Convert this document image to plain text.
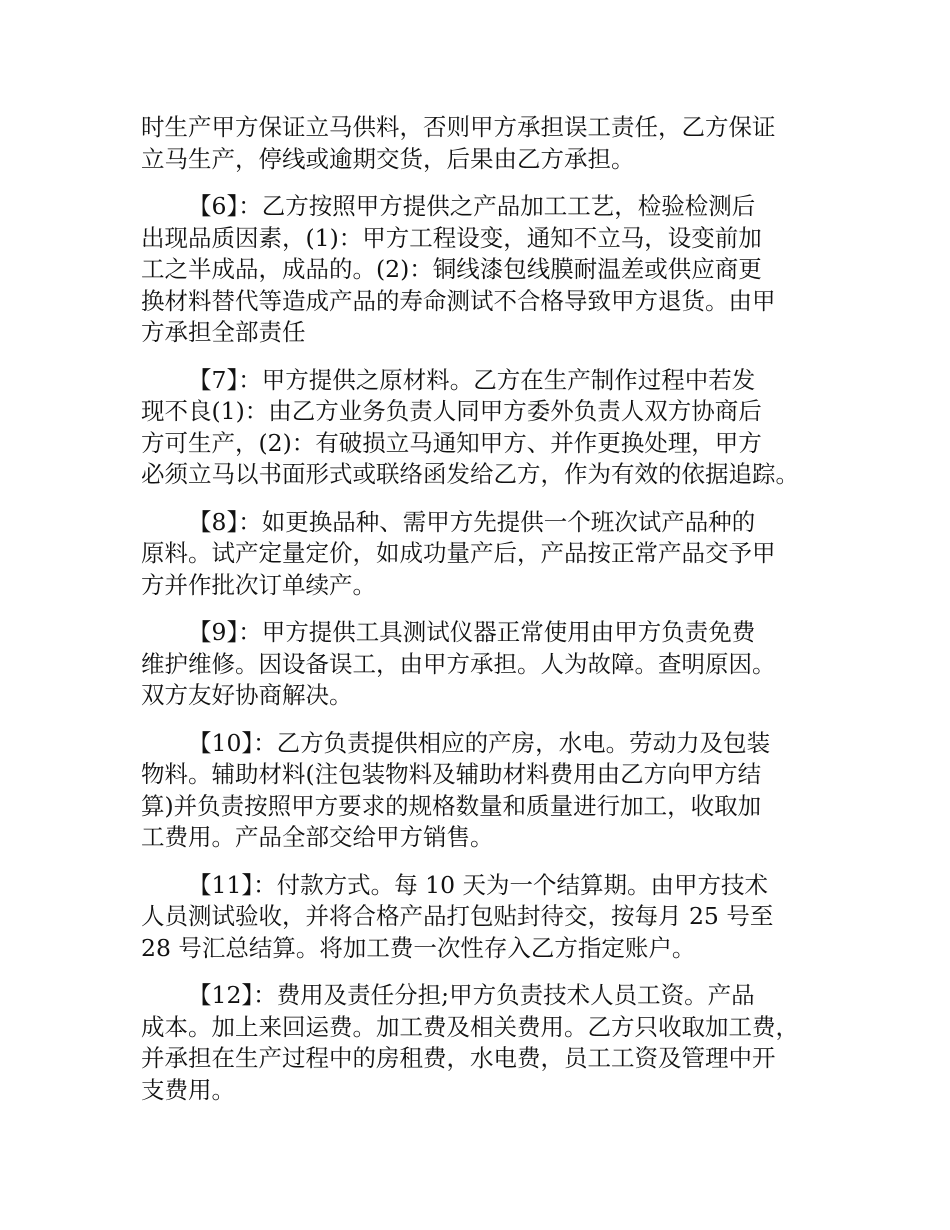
时生产甲方保证立马供料，否则甲方承担误工责任，乙方保证
立马生产，停线或逾期交货，后果由乙方承担。

【6】：乙方按照甲方提供之产品加工工艺，检验检测后
出现品质因素，(1)：甲方工程设变，通知不立马，设变前加
工之半成品，成品的。(2)：铜线漆包线膜耐温差或供应商更
换材料替代等造成产品的寿命测试不合格导致甲方退货。由甲
方承担全部责任

【7】：甲方提供之原材料。乙方在生产制作过程中若发
现不良(1)：由乙方业务负责人同甲方委外负责人双方协商后
方可生产，(2)：有破损立马通知甲方、并作更换处理，甲方
必须立马以书面形式或联络函发给乙方，作为有效的依据追踪。

【8】：如更换品种、需甲方先提供一个班次试产品种的
原料。试产定量定价，如成功量产后，产品按正常产品交予甲
方并作批次订单续产。

【9】：甲方提供工具测试仪器正常使用由甲方负责免费
维护维修。因设备误工，由甲方承担。人为故障。查明原因。
双方友好协商解决。

【10】：乙方负责提供相应的产房，水电。劳动力及包装
物料。辅助材料(注包装物料及辅助材料费用由乙方向甲方结
算)并负责按照甲方要求的规格数量和质量进行加工，收取加
工费用。产品全部交给甲方销售。

【11】：付款方式。每 10 天为一个结算期。由甲方技术
人员测试验收，并将合格产品打包贴封待交，按每月 25 号至
28 号汇总结算。将加工费一次性存入乙方指定账户。

【12】：费用及责任分担;甲方负责技术人员工资。产品
成本。加上来回运费。加工费及相关费用。乙方只收取加工费，
并承担在生产过程中的房租费，水电费，员工工资及管理中开
支费用。
